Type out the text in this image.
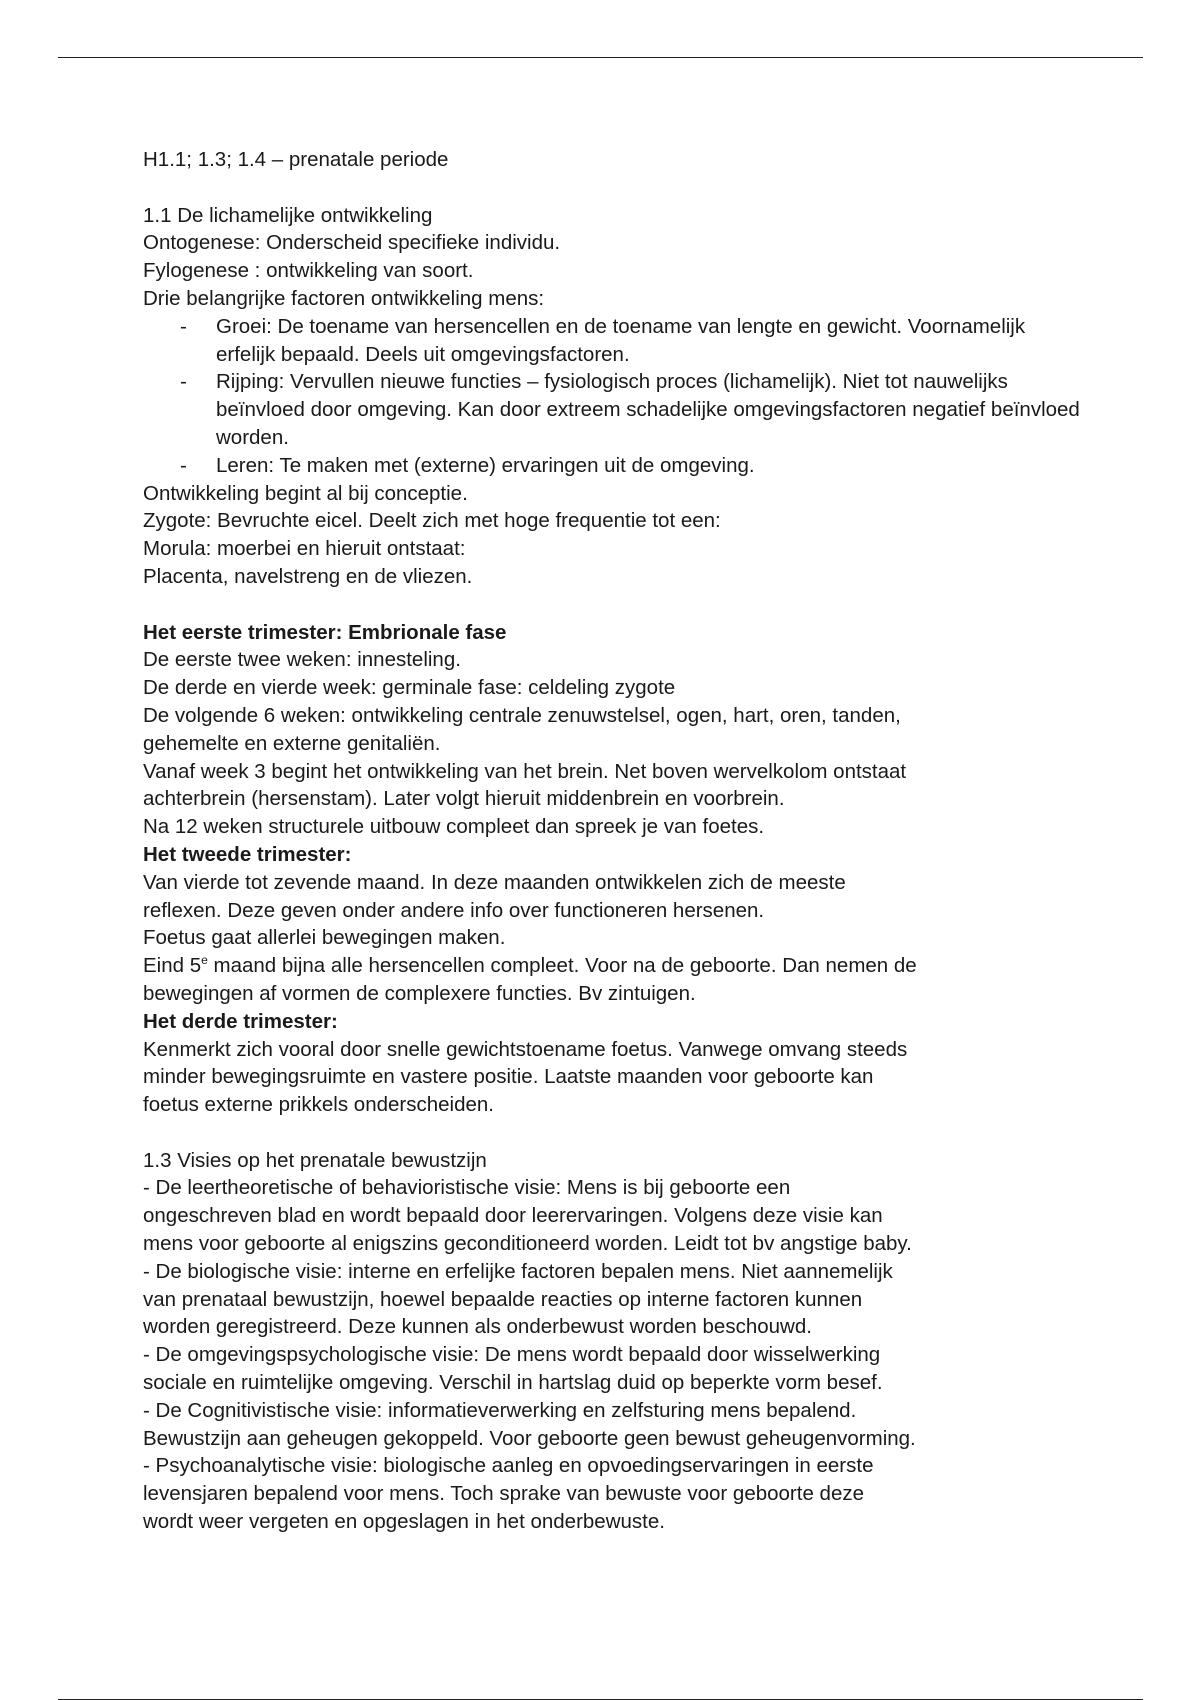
H1.1; 1.3; 1.4 – prenatale periode
1.1 De lichamelijke ontwikkeling
Ontogenese: Onderscheid specifieke individu.
Fylogenese : ontwikkeling van soort.
Drie belangrijke factoren ontwikkeling mens:
- Groei: De toename van hersencellen en de toename van lengte en gewicht. Voornamelijk erfelijk bepaald. Deels uit omgevingsfactoren.
- Rijping: Vervullen nieuwe functies – fysiologisch proces (lichamelijk). Niet tot nauwelijks beïnvloed door omgeving. Kan door extreem schadelijke omgevingsfactoren negatief beïnvloed worden.
- Leren: Te maken met (externe) ervaringen uit de omgeving.
Ontwikkeling begint al bij conceptie.
Zygote: Bevruchte eicel. Deelt zich met hoge frequentie tot een:
Morula: moerbei en hieruit ontstaat:
Placenta, navelstreng en de vliezen.
Het eerste trimester: Embrionale fase
De eerste twee weken: innesteling.
De derde en vierde week: germinale fase: celdeling zygote
De volgende 6 weken: ontwikkeling centrale zenuwstelsel, ogen, hart, oren, tanden,
gehemelte en externe genitaliën.
Vanaf week 3 begint het ontwikkeling van het brein. Net boven wervelkolom ontstaat
achterbrein (hersenstam). Later volgt hieruit middenbrein en voorbrein.
Na 12 weken structurele uitbouw compleet dan spreek je van foetes.
Het tweede trimester:
Van vierde tot zevende maand. In deze maanden ontwikkelen zich de meeste
reflexen. Deze geven onder andere info over functioneren hersenen.
Foetus gaat allerlei bewegingen maken.
Eind 5e maand bijna alle hersencellen compleet. Voor na de geboorte. Dan nemen de
bewegingen af vormen de complexere functies. Bv zintuigen.
Het derde trimester:
Kenmerkt zich vooral door snelle gewichtstoename foetus. Vanwege omvang steeds
minder bewegingsruimte en vastere positie. Laatste maanden voor geboorte kan
foetus externe prikkels onderscheiden.
1.3 Visies op het prenatale bewustzijn
- De leertheoretische of behavioristische visie: Mens is bij geboorte een
ongeschreven blad en wordt bepaald door leerervaringen. Volgens deze visie kan
mens voor geboorte al enigszins geconditioneerd worden. Leidt tot bv angstige baby.
- De biologische visie: interne en erfelijke factoren bepalen mens. Niet aannemelijk
van prenataal bewustzijn, hoewel bepaalde reacties op interne factoren kunnen
worden geregistreerd. Deze kunnen als onderbewust worden beschouwd.
- De omgevingspsychologische visie: De mens wordt bepaald door wisselwerking
sociale en ruimtelijke omgeving. Verschil in hartslag duid op beperkte vorm besef.
- De Cognitivistische visie: informatieverwerking en zelfsturing mens bepalend.
Bewustzijn aan geheugen gekoppeld. Voor geboorte geen bewust geheugenvorming.
- Psychoanalytische visie: biologische aanleg en opvoedingservaringen in eerste
levensjaren bepalend voor mens. Toch sprake van bewuste voor geboorte deze
wordt weer vergeten en opgeslagen in het onderbewuste.
